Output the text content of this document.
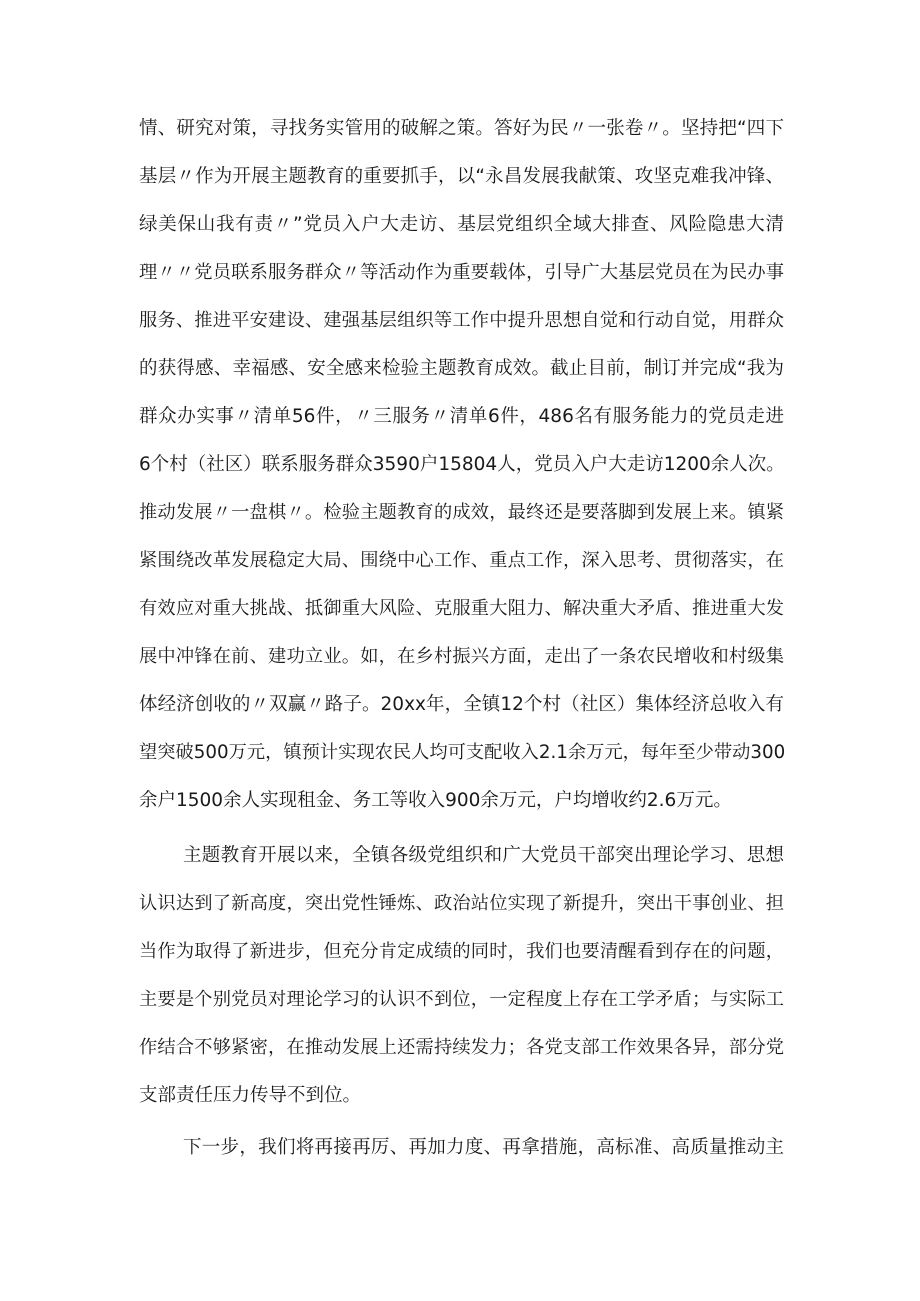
情、研究对策，寻找务实管用的破解之策。答好为民〃一张卷〃。坚持把“四下
基层〃作为开展主题教育的重要抓手，以“永昌发展我献策、攻坚克难我冲锋、
绿美保山我有责〃”党员入户大走访、基层党组织全域大排查、风险隐患大清
理〃〃党员联系服务群众〃等活动作为重要载体，引导广大基层党员在为民办事
服务、推进平安建设、建强基层组织等工作中提升思想自觉和行动自觉，用群众
的获得感、幸福感、安全感来检验主题教育成效。截止目前，制订并完成“我为
群众办实事〃清单56件，〃三服务〃清单6件，486名有服务能力的党员走进
6个村（社区）联系服务群众3590户15804人，党员入户大走访1200余人次。
推动发展〃一盘棋〃。检验主题教育的成效，最终还是要落脚到发展上来。镇紧
紧围绕改革发展稳定大局、围绕中心工作、重点工作，深入思考、贯彻落实，在
有效应对重大挑战、抵御重大风险、克服重大阻力、解决重大矛盾、推进重大发
展中冲锋在前、建功立业。如，在乡村振兴方面，走出了一条农民增收和村级集
体经济创收的〃双赢〃路子。20xx年，全镇12个村（社区）集体经济总收入有
望突破500万元，镇预计实现农民人均可支配收入2.1余万元，每年至少带动300
余户1500余人实现租金、务工等收入900余万元，户均增收约2.6万元。
主题教育开展以来，全镇各级党组织和广大党员干部突出理论学习、思想
认识达到了新高度，突出党性锤炼、政治站位实现了新提升，突出干事创业、担
当作为取得了新进步，但充分肯定成绩的同时，我们也要清醒看到存在的问题，
主要是个别党员对理论学习的认识不到位，一定程度上存在工学矛盾；与实际工
作结合不够紧密，在推动发展上还需持续发力；各党支部工作效果各异，部分党
支部责任压力传导不到位。
下一步，我们将再接再厉、再加力度、再拿措施，高标准、高质量推动主
